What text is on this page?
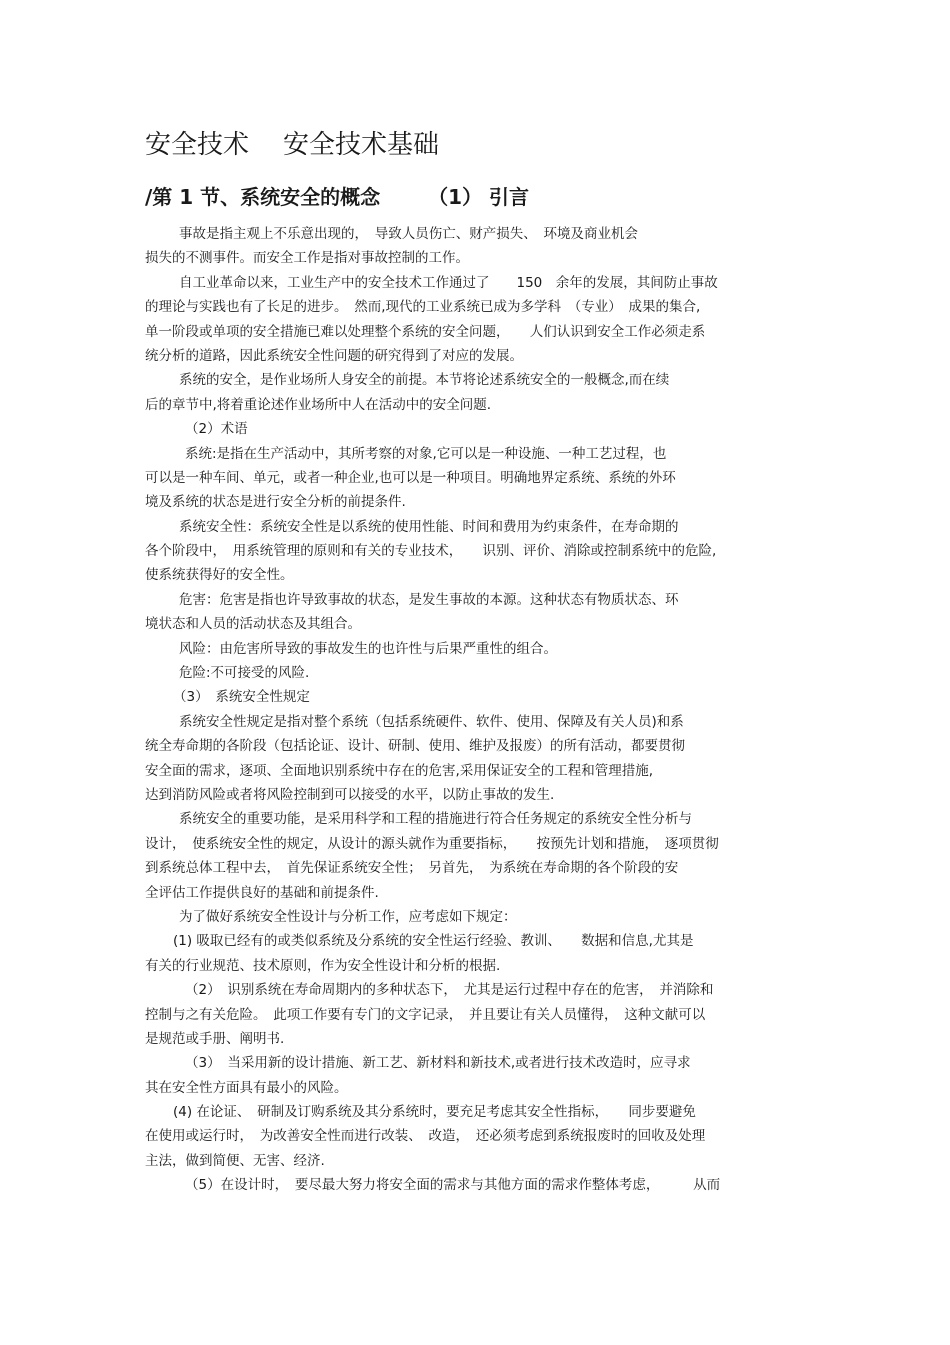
安全技术 安全技术基础
/第 1 节、系统安全的概念 （1） 引言
事故是指主观上不乐意出现的，　导致人员伤亡、财产损失、　环境及商业机会
损失的不测事件。而安全工作是指对事故控制的工作。
自工业革命以来，工业生产中的安全技术工作通过了　　150　余年的发展，其间防止事故
的理论与实践也有了长足的进步。　然而,现代的工业系统已成为多学科　（专业）　成果的集合,
单一阶段或单项的安全措施已难以处理整个系统的安全问题，　　人们认识到安全工作必须走系
统分析的道路，因此系统安全性问题的研究得到了对应的发展。
系统的安全，是作业场所人身安全的前提。本节将论述系统安全的一般概念,而在续
后的章节中,将着重论述作业场所中人在活动中的安全问题.
（2）术语
系统:是指在生产活动中，其所考察的对象,它可以是一种设施、一种工艺过程，也
可以是一种车间、单元，或者一种企业,也可以是一种项目。明确地界定系统、系统的外环
境及系统的状态是进行安全分析的前提条件.
系统安全性：系统安全性是以系统的使用性能、时间和费用为约束条件，在寿命期的
各个阶段中，　用系统管理的原则和有关的专业技术，　　识别、评价、消除或控制系统中的危险,
使系统获得好的安全性。
危害：危害是指也许导致事故的状态，是发生事故的本源。这种状态有物质状态、环
境状态和人员的活动状态及其组合。
风险：由危害所导致的事故发生的也许性与后果严重性的组合。
危险:不可接受的风险.
（3）　系统安全性规定
系统安全性规定是指对整个系统（包括系统硬件、软件、使用、保障及有关人员)和系
统全寿命期的各阶段（包括论证、设计、研制、使用、维护及报废）的所有活动，都要贯彻
安全面的需求，逐项、全面地识别系统中存在的危害,采用保证安全的工程和管理措施,
达到消防风险或者将风险控制到可以接受的水平，以防止事故的发生.
系统安全的重要功能，是采用科学和工程的措施进行符合任务规定的系统安全性分析与
设计，　使系统安全性的规定，从设计的源头就作为重要指标，　　按预先计划和措施，　逐项贯彻
到系统总体工程中去，　首先保证系统安全性；　另首先，　为系统在寿命期的各个阶段的安
全评估工作提供良好的基础和前提条件.
为了做好系统安全性设计与分析工作，应考虑如下规定：
(1) 吸取已经有的或类似系统及分系统的安全性运行经验、教训、　　数据和信息,尤其是
有关的行业规范、技术原则，作为安全性设计和分析的根据.
（2）　识别系统在寿命周期内的多种状态下，　尤其是运行过程中存在的危害，　并消除和
控制与之有关危险。　此项工作要有专门的文字记录，　并且要让有关人员懂得，　这种文献可以
是规范或手册、阐明书.
（3）　当采用新的设计措施、新工艺、新材料和新技术,或者进行技术改造时，应寻求
其在安全性方面具有最小的风险。
(4) 在论证、　研制及订购系统及其分系统时，要充足考虑其安全性指标，　　同步要避免
在使用或运行时，　为改善安全性而进行改装、　改造，　还必须考虑到系统报废时的回收及处理
主法，做到简便、无害、经济.
（5）在设计时，　要尽最大努力将安全面的需求与其他方面的需求作整体考虑，　　　从而
